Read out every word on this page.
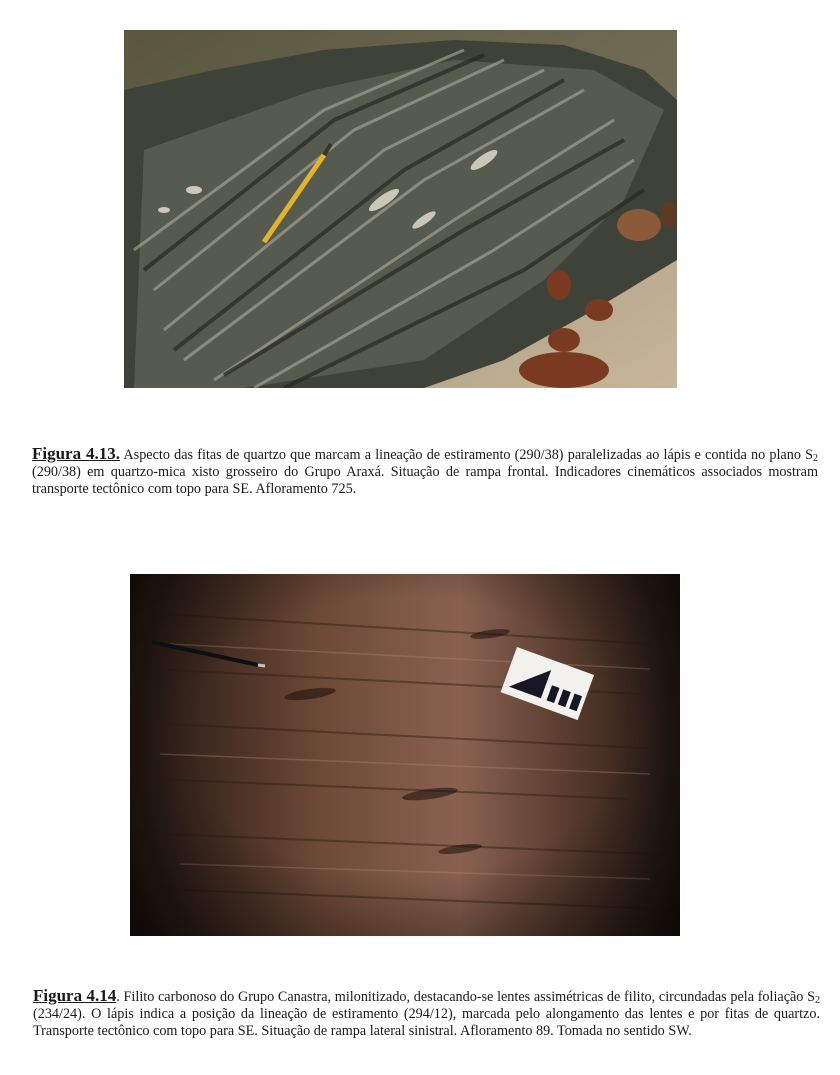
Figura 4.13. Aspecto das fitas de quartzo que marcam a lineação de estiramento (290/38) paralelizadas ao lápis e contida no plano $S_2$ (290/38) em quartzo-mica xisto grosseiro do Grupo Araxá. Situação de rampa frontal. Indicadores cinemáticos associados mostram transporte tectônico com topo para SE. Afloramento 725.
Figura 4.14. Filito carbonoso do Grupo Canastra, milonitizado, destacando-se lentes assimétricas de filito, circundadas pela foliação $S_2$ (234/24). O lápis indica a posição da lineação de estiramento (294/12), marcada pelo alongamento das lentes e por fitas de quartzo. Transporte tectônico com topo para SE. Situação de rampa lateral sinistral. Afloramento 89. Tomada no sentido SW.
